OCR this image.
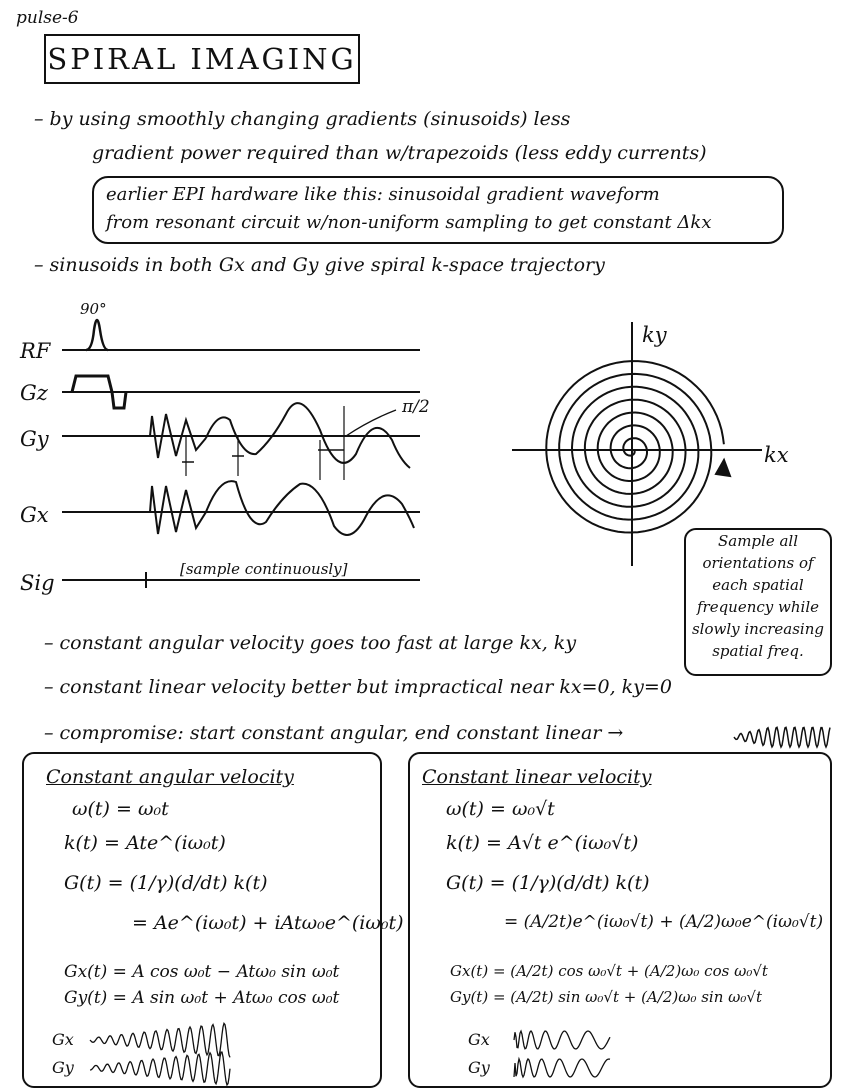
pulse-6
SPIRAL IMAGING
– by using smoothly changing gradients (sinusoids) less
gradient power required than w/trapezoids (less eddy currents)
earlier EPI hardware like this: sinusoidal gradient waveform
from resonant circuit w/non-uniform sampling to get constant Δkx
– sinusoids in both Gx and Gy give spiral k-space trajectory
RF
Gz
Gy
Gx
Sig
90°
π/2
[sample continuously]
ky
kx
Sample all
orientations of
each spatial
frequency while
slowly increasing
spatial freq.
– constant angular velocity goes too fast at large kx, ky
– constant linear velocity better but impractical near kx=0, ky=0
– compromise: start constant angular, end constant linear →
Constant angular velocity
ω(t) = ω₀t
k(t) = Ate^(iω₀t)
G(t) = (1/γ)(d/dt) k(t)
= Ae^(iω₀t) + iAtω₀e^(iω₀t)
Gx(t) = A cos ω₀t − Atω₀ sin ω₀t
Gy(t) = A sin ω₀t + Atω₀ cos ω₀t
Gx
Gy
Constant linear velocity
ω(t) = ω₀√t
k(t) = A√t e^(iω₀√t)
G(t) = (1/γ)(d/dt) k(t)
= (A/2t)e^(iω₀√t) + (A/2)ω₀e^(iω₀√t)
Gx(t) = (A/2t) cos ω₀√t + (A/2)ω₀ cos ω₀√t
Gy(t) = (A/2t) sin ω₀√t + (A/2)ω₀ sin ω₀√t
Gx
Gy
